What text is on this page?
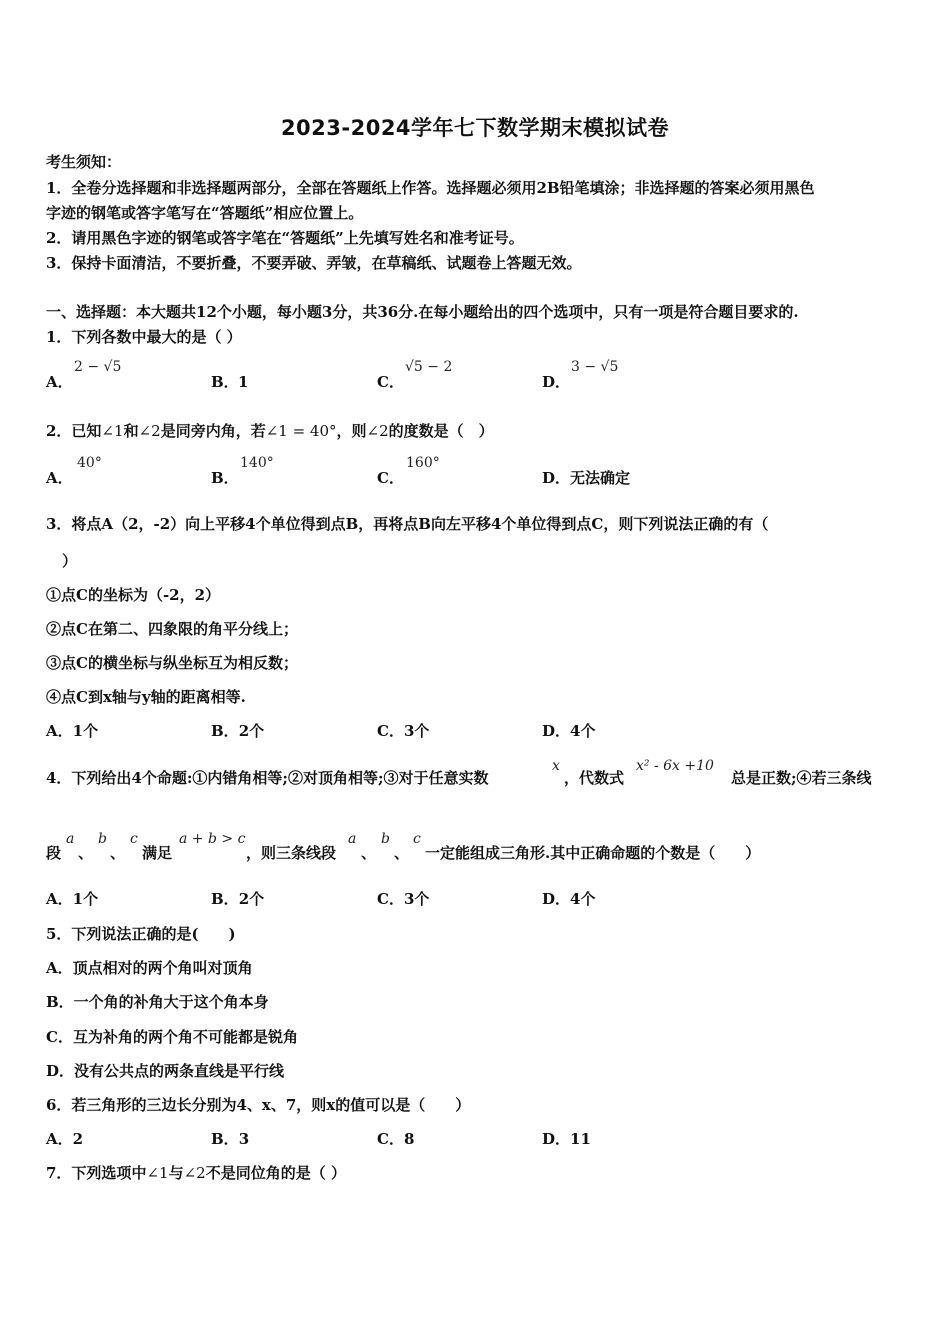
2023-2024学年七下数学期末模拟试卷
考生须知：
1．全卷分选择题和非选择题两部分，全部在答题纸上作答。选择题必须用2B铅笔填涂；非选择题的答案必须用黑色
字迹的钢笔或答字笔写在“答题纸”相应位置上。
2．请用黑色字迹的钢笔或答字笔在“答题纸”上先填写姓名和准考证号。
3．保持卡面清洁，不要折叠，不要弄破、弄皱，在草稿纸、试题卷上答题无效。
一、选择题：本大题共12个小题，每小题3分，共36分.在每小题给出的四个选项中，只有一项是符合题目要求的.
1．下列各数中最大的是（ ）
A．
2 − √5
B． 1	C．
√5 − 2
D．
3 − √5
2．已知∠1和∠2是同旁内角，若∠1 = 40°，则∠2的度数是（　）
A．
40°
B．
140°
C．
160°
D． 无法确定
3．将点A（2，-2）向上平移4个单位得到点B，再将点B向左平移4个单位得到点C，则下列说法正确的有（
）
①点C的坐标为（-2，2）
②点C在第二、四象限的角平分线上；
③点C的横坐标与纵坐标互为相反数；
④点C到x轴与y轴的距离相等.
A．1个	B．2个	C．3个	D．4个
4．下列给出4个命题:①内错角相等;②对顶角相等;③对于任意实数
x
，代数式
x² - 6x +10
总是正数;④若三条线
段
a
、
b
、
c
满足
a + b > c
，则三条线段
a
、
b
、
c
一定能组成三角形.其中正确命题的个数是（　　）
A．1个	B．2个	C．3个	D．4个
5．下列说法正确的是(　　)
A．顶点相对的两个角叫对顶角
B．一个角的补角大于这个角本身
C．互为补角的两个角不可能都是锐角
D．没有公共点的两条直线是平行线
6．若三角形的三边长分别为4、x、7，则x的值可以是（　　）
A．2	B．3	C．8	D．11
7．下列选项中∠1与∠2不是同位角的是（ ）
